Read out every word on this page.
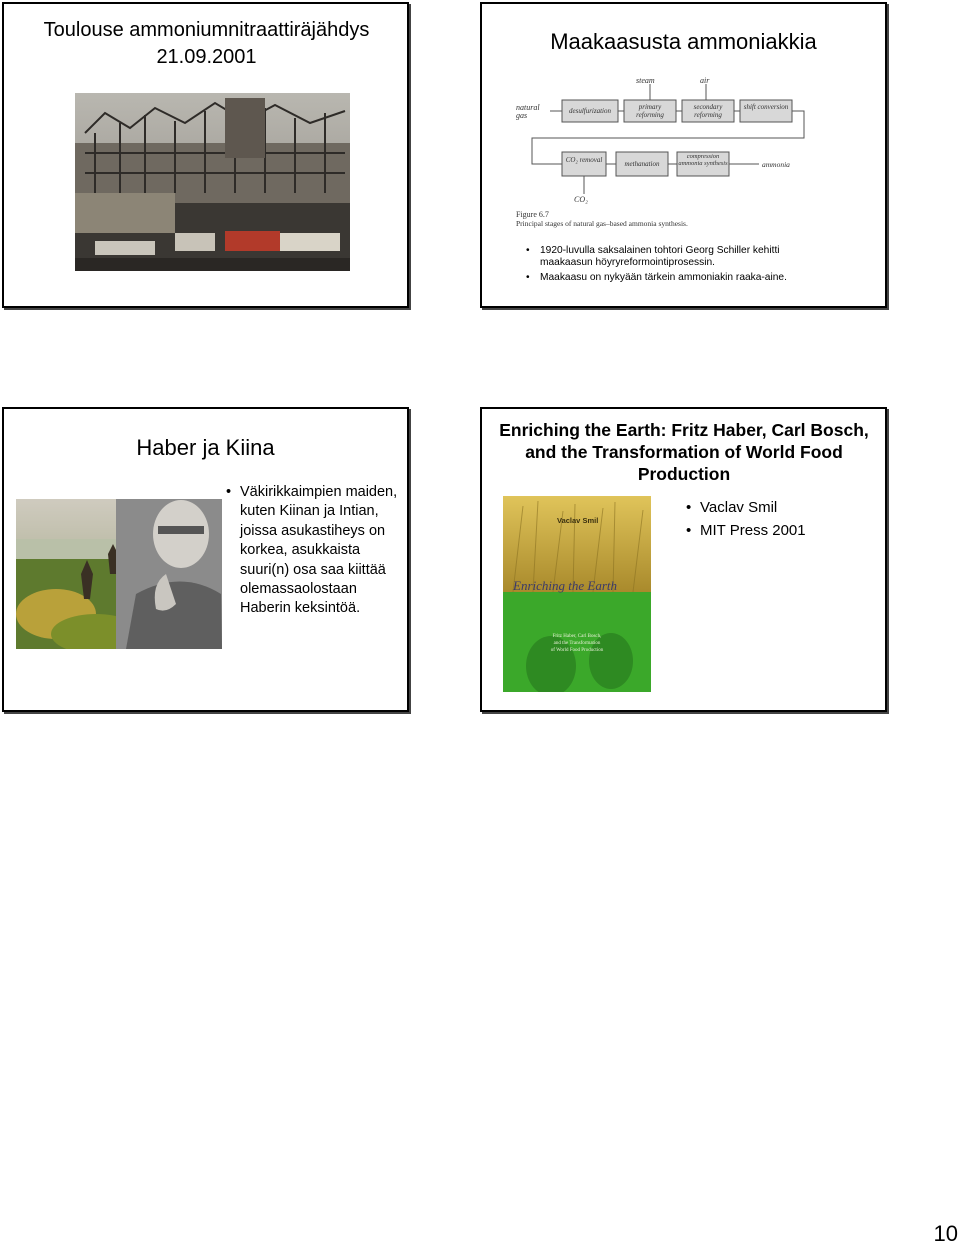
Toulouse ammoniumnitraattiräjähdys 21.09.2001
Maakaasusta ammoniakkia
natural gas
steam	air
desulfurization	primary reforming
secondary reforming
shift conversion
CO₂ removal	methanation
compression ammonia synthesis	ammonia
CO₂
Figure 6.7
Principal stages of natural gas–based ammonia synthesis.
• 1920-luvulla saksalainen tohtori Georg Schiller kehitti maakaasun höyryreformointiprosessin.
• Maakaasu on nykyään tärkein ammoniakin raaka-aine.
Haber ja Kiina
• Väkirikkaimpien maiden, kuten Kiinan ja Intian, joissa asukastiheys on korkea, asukkaista suuri(n) osa saa kiittää olemassaolostaan Haberin keksintöä.
Enriching the Earth: Fritz Haber, Carl Bosch, and the Transformation of World Food Production
Vaclav Smil
Enriching the Earth
Fritz Haber, Carl Bosch,
and the Transformation
of World Food Production
• Vaclav Smil
• MIT Press 2001
10
